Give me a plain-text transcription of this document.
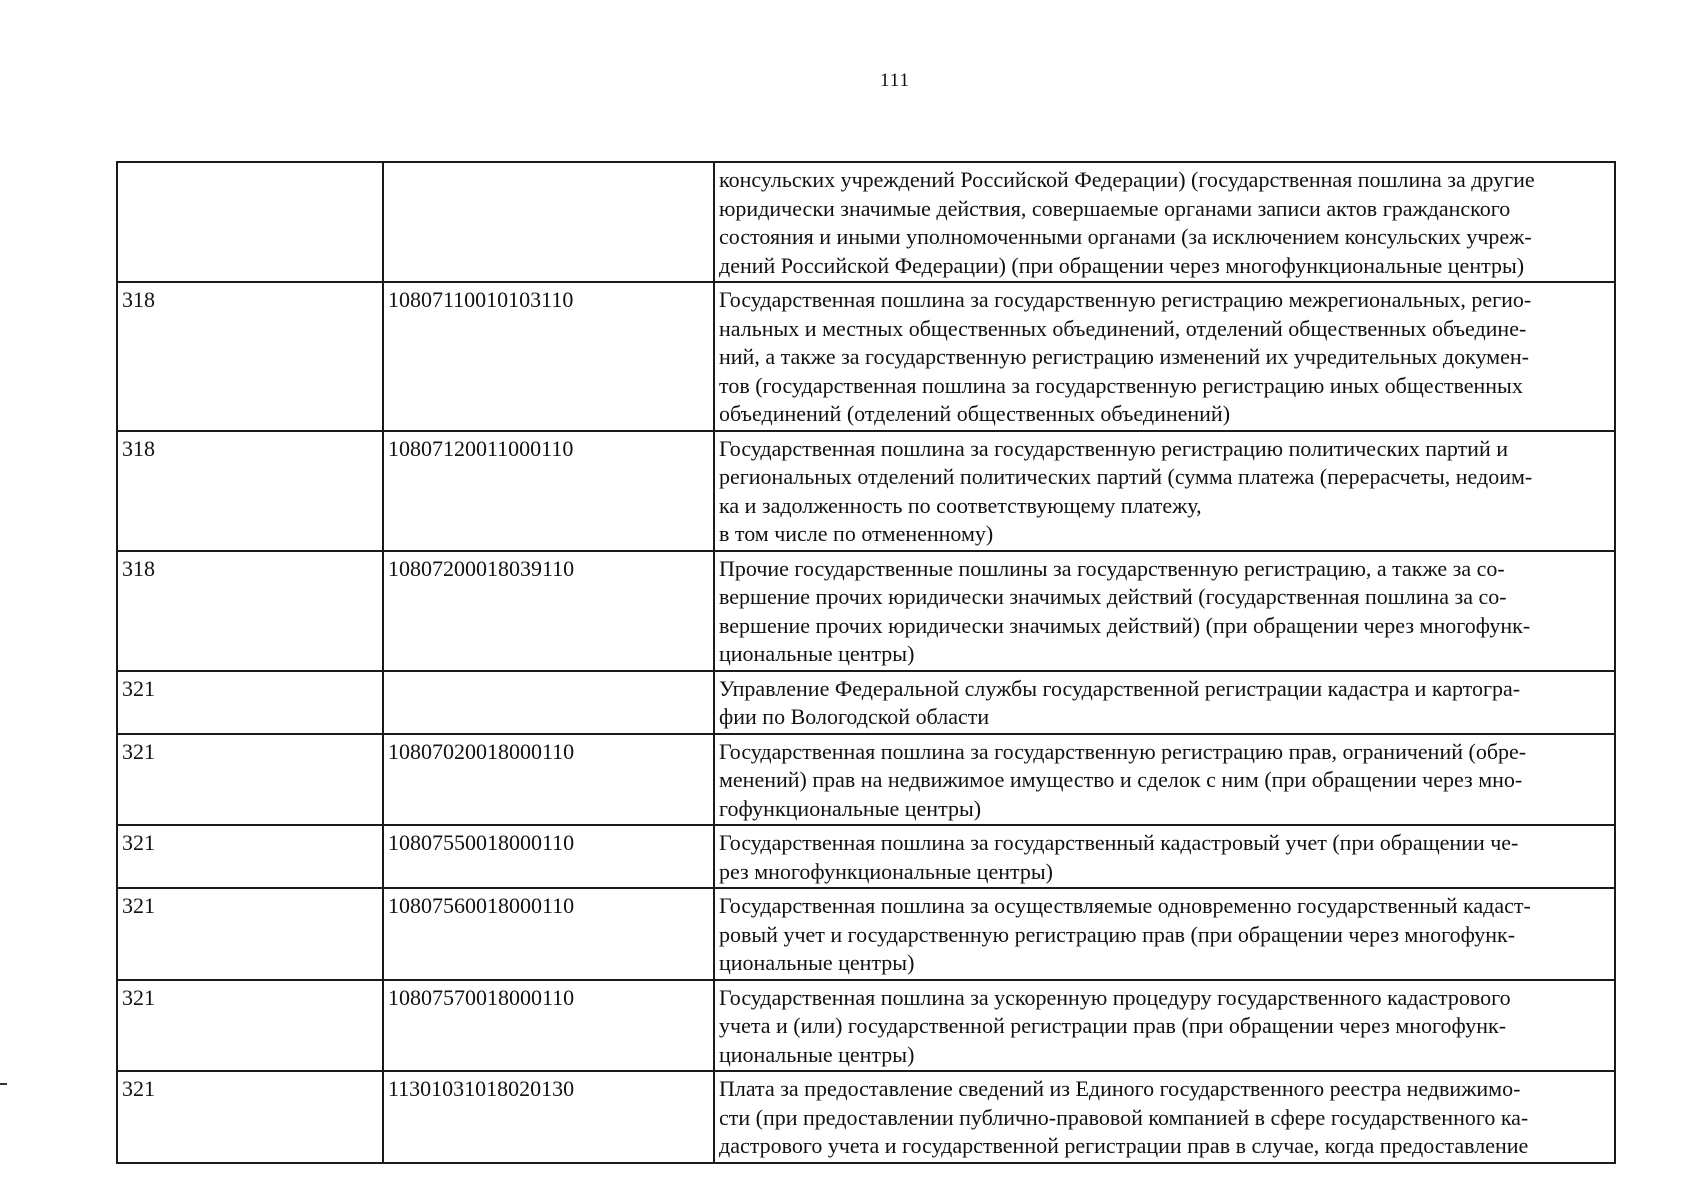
111

		консульских учреждений Российской Федерации) (государственная пошлина за другие
юридически значимые действия, совершаемые органами записи актов гражданского
состояния и иными уполномоченными органами (за исключением консульских учреж-
дений Российской Федерации) (при обращении через многофункциональные центры)

318	10807110010103110	Государственная пошлина за государственную регистрацию межрегиональных, регио-
нальных и местных общественных объединений, отделений общественных объедине-
ний, а также за государственную регистрацию изменений их учредительных докумен-
тов (государственная пошлина за государственную регистрацию иных общественных
объединений (отделений общественных объединений)

318	10807120011000110	Государственная пошлина за государственную регистрацию политических партий и
региональных отделений политических партий (сумма платежа (перерасчеты, недоим-
ка и задолженность по соответствующему платежу,
в том числе по отмененному)

318	10807200018039110	Прочие государственные пошлины за государственную регистрацию, а также за со-
вершение прочих юридически значимых действий (государственная пошлина за со-
вершение прочих юридически значимых действий) (при обращении через многофунк-
циональные центры)

321		Управление Федеральной службы государственной регистрации кадастра и картогра-
фии по Вологодской области

321	10807020018000110	Государственная пошлина за государственную регистрацию прав, ограничений (обре-
менений) прав на недвижимое имущество и сделок с ним (при обращении через мно-
гофункциональные центры)

321	10807550018000110	Государственная пошлина за государственный кадастровый учет (при обращении че-
рез многофункциональные центры)

321	10807560018000110	Государственная пошлина за осуществляемые одновременно государственный кадаст-
ровый учет и государственную регистрацию прав (при обращении через многофунк-
циональные центры)

321	10807570018000110	Государственная пошлина за ускоренную процедуру государственного кадастрового
учета и (или) государственной регистрации прав (при обращении через многофунк-
циональные центры)

321	11301031018020130	Плата за предоставление сведений из Единого государственного реестра недвижимо-
сти (при предоставлении публично-правовой компанией в сфере государственного ка-
дастрового учета и государственной регистрации прав в случае, когда предоставление
